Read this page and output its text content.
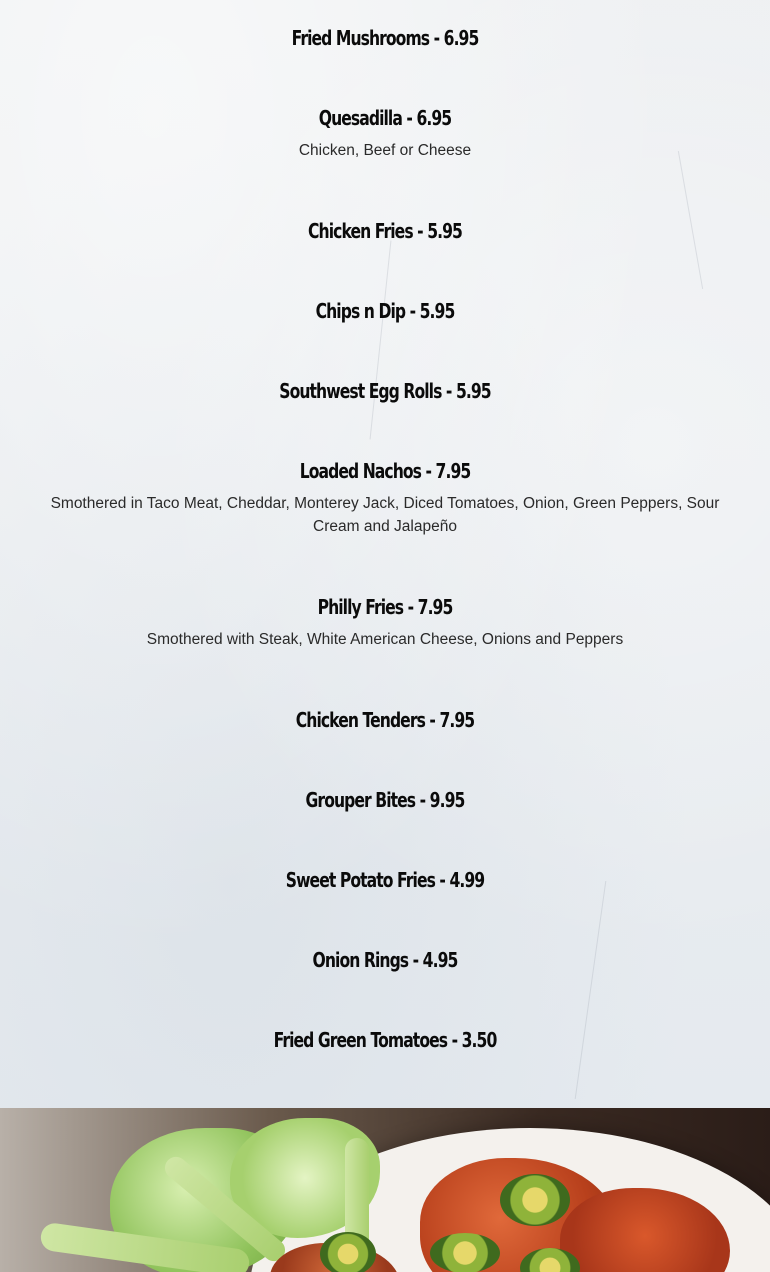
Fried Mushrooms - 6.95
Quesadilla - 6.95
Chicken, Beef or Cheese
Chicken Fries - 5.95
Chips n Dip - 5.95
Southwest Egg Rolls - 5.95
Loaded Nachos - 7.95
Smothered in Taco Meat, Cheddar, Monterey Jack, Diced Tomatoes, Onion, Green Peppers, Sour Cream and Jalapeño
Philly Fries - 7.95
Smothered with Steak, White American Cheese, Onions and Peppers
Chicken Tenders - 7.95
Grouper Bites - 9.95
Sweet Potato Fries - 4.99
Onion Rings - 4.95
Fried Green Tomatoes - 3.50
